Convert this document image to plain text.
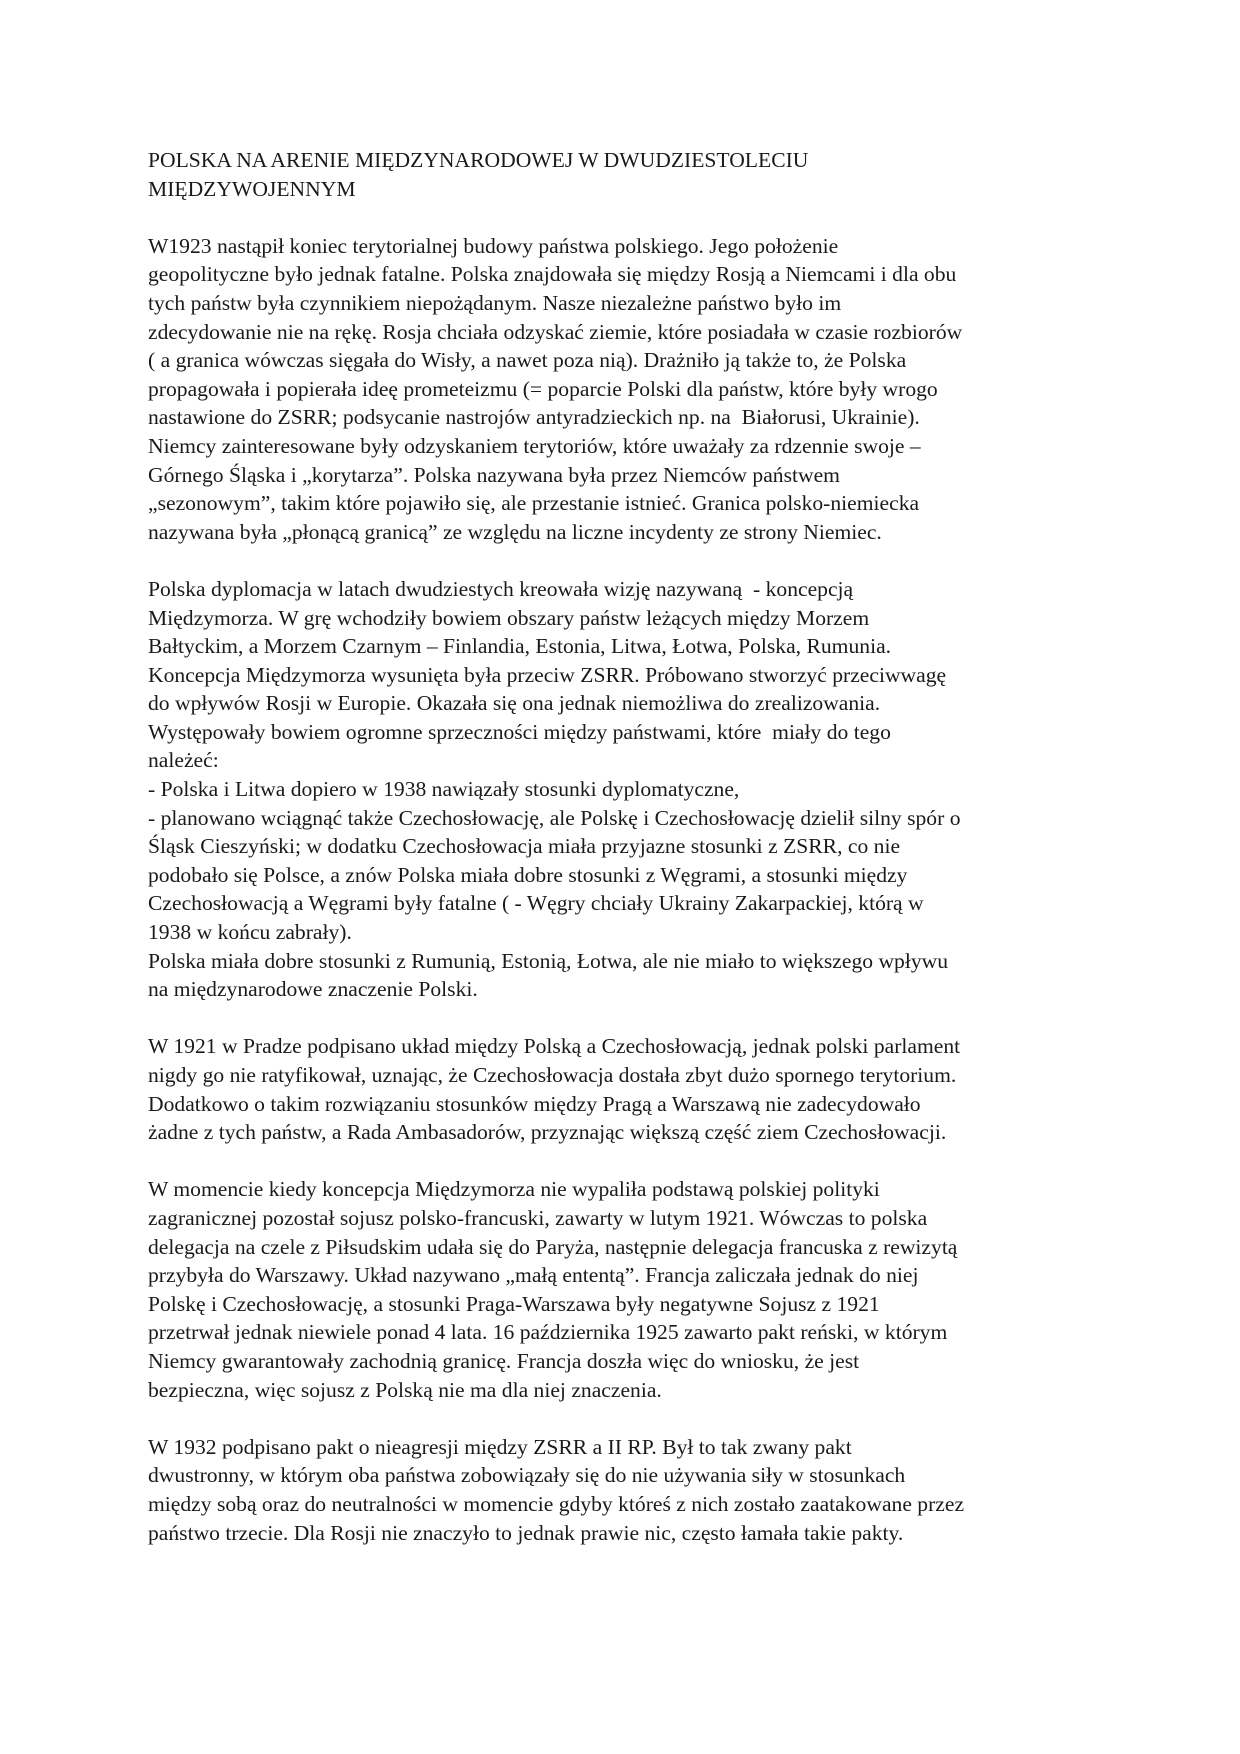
POLSKA NA ARENIE MIĘDZYNARODOWEJ W DWUDZIESTOLECIU
MIĘDZYWOJENNYM
W1923 nastąpił koniec terytorialnej budowy państwa polskiego. Jego położenie
geopolityczne było jednak fatalne. Polska znajdowała się między Rosją a Niemcami i dla obu
tych państw była czynnikiem niepożądanym. Nasze niezależne państwo było im
zdecydowanie nie na rękę. Rosja chciała odzyskać ziemie, które posiadała w czasie rozbiorów
( a granica wówczas sięgała do Wisły, a nawet poza nią). Drażniło ją także to, że Polska
propagowała i popierała ideę prometeizmu (= poparcie Polski dla państw, które były wrogo
nastawione do ZSRR; podsycanie nastrojów antyradzieckich np. na  Białorusi, Ukrainie).
Niemcy zainteresowane były odzyskaniem terytoriów, które uważały za rdzennie swoje –
Górnego Śląska i „korytarza”. Polska nazywana była przez Niemców państwem
„sezonowym”, takim które pojawiło się, ale przestanie istnieć. Granica polsko-niemiecka
nazywana była „płonącą granicą” ze względu na liczne incydenty ze strony Niemiec.
Polska dyplomacja w latach dwudziestych kreowała wizję nazywaną  - koncepcją
Międzymorza. W grę wchodziły bowiem obszary państw leżących między Morzem
Bałtyckim, a Morzem Czarnym – Finlandia, Estonia, Litwa, Łotwa, Polska, Rumunia.
Koncepcja Międzymorza wysunięta była przeciw ZSRR. Próbowano stworzyć przeciwwagę
do wpływów Rosji w Europie. Okazała się ona jednak niemożliwa do zrealizowania.
Występowały bowiem ogromne sprzeczności między państwami, które  miały do tego
należeć:
- Polska i Litwa dopiero w 1938 nawiązały stosunki dyplomatyczne,
- planowano wciągnąć także Czechosłowację, ale Polskę i Czechosłowację dzielił silny spór o
Śląsk Cieszyński; w dodatku Czechosłowacja miała przyjazne stosunki z ZSRR, co nie
podobało się Polsce, a znów Polska miała dobre stosunki z Węgrami, a stosunki między
Czechosłowacją a Węgrami były fatalne ( - Węgry chciały Ukrainy Zakarpackiej, którą w
1938 w końcu zabrały).
Polska miała dobre stosunki z Rumunią, Estonią, Łotwa, ale nie miało to większego wpływu
na międzynarodowe znaczenie Polski.
W 1921 w Pradze podpisano układ między Polską a Czechosłowacją, jednak polski parlament
nigdy go nie ratyfikował, uznając, że Czechosłowacja dostała zbyt dużo spornego terytorium.
Dodatkowo o takim rozwiązaniu stosunków między Pragą a Warszawą nie zadecydowało
żadne z tych państw, a Rada Ambasadorów, przyznając większą część ziem Czechosłowacji.
W momencie kiedy koncepcja Międzymorza nie wypaliła podstawą polskiej polityki
zagranicznej pozostał sojusz polsko-francuski, zawarty w lutym 1921. Wówczas to polska
delegacja na czele z Piłsudskim udała się do Paryża, następnie delegacja francuska z rewizytą
przybyła do Warszawy. Układ nazywano „małą ententą”. Francja zaliczała jednak do niej
Polskę i Czechosłowację, a stosunki Praga-Warszawa były negatywne Sojusz z 1921
przetrwał jednak niewiele ponad 4 lata. 16 października 1925 zawarto pakt reński, w którym
Niemcy gwarantowały zachodnią granicę. Francja doszła więc do wniosku, że jest
bezpieczna, więc sojusz z Polską nie ma dla niej znaczenia.
W 1932 podpisano pakt o nieagresji między ZSRR a II RP. Był to tak zwany pakt
dwustronny, w którym oba państwa zobowiązały się do nie używania siły w stosunkach
między sobą oraz do neutralności w momencie gdyby któreś z nich zostało zaatakowane przez
państwo trzecie. Dla Rosji nie znaczyło to jednak prawie nic, często łamała takie pakty.
